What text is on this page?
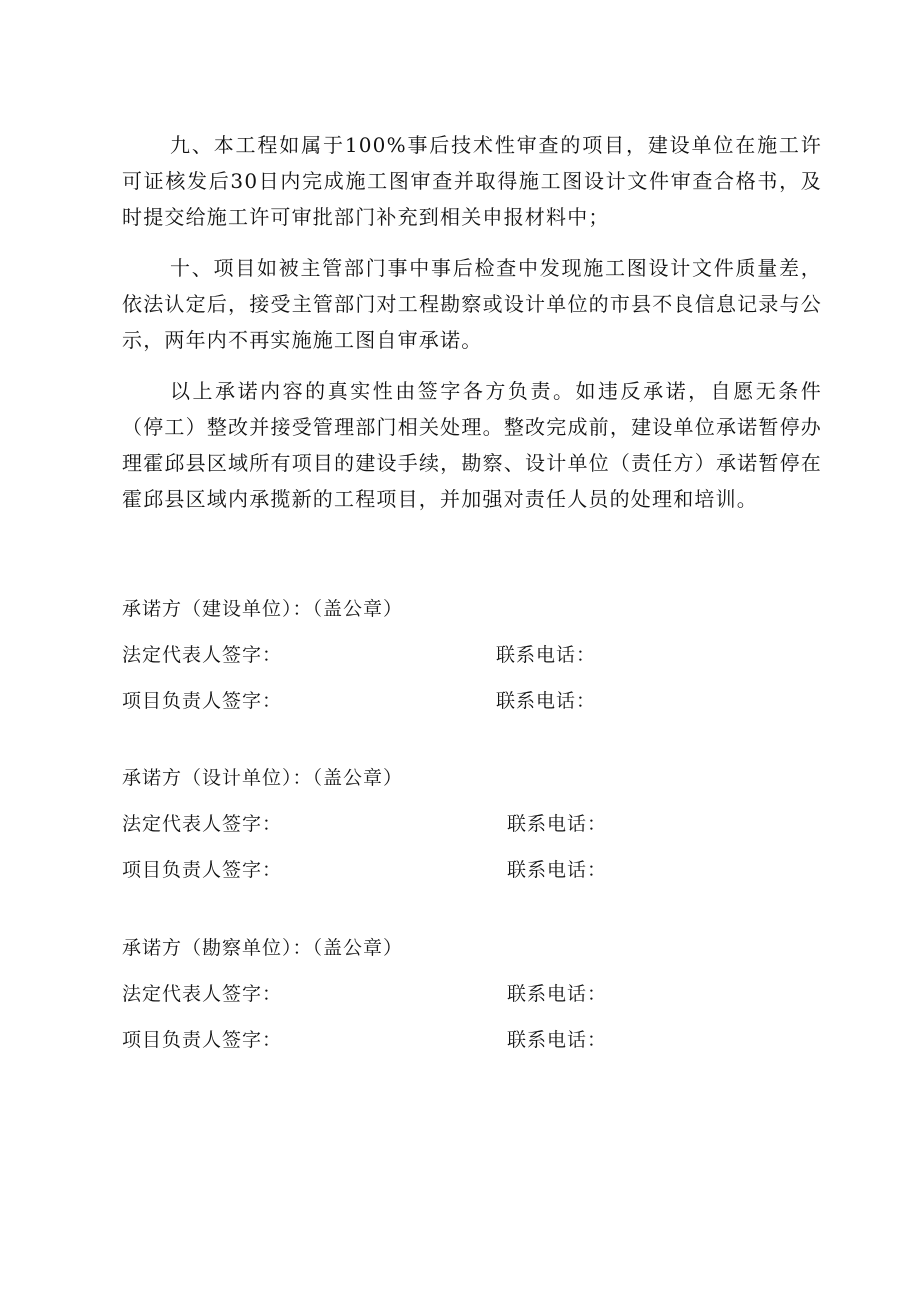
九、本工程如属于100%事后技术性审查的项目，建设单位在施工许可证核发后30日内完成施工图审查并取得施工图设计文件审查合格书，及时提交给施工许可审批部门补充到相关申报材料中；

十、项目如被主管部门事中事后检查中发现施工图设计文件质量差，依法认定后，接受主管部门对工程勘察或设计单位的市县不良信息记录与公示，两年内不再实施施工图自审承诺。

以上承诺内容的真实性由签字各方负责。如违反承诺，自愿无条件（停工）整改并接受管理部门相关处理。整改完成前，建设单位承诺暂停办理霍邱县区域所有项目的建设手续，勘察、设计单位（责任方）承诺暂停在霍邱县区域内承揽新的工程项目，并加强对责任人员的处理和培训。

承诺方（建设单位）：（盖公章）
法定代表人签字：	联系电话：
项目负责人签字：	联系电话：
承诺方（设计单位）：（盖公章）
法定代表人签字：	联系电话：
项目负责人签字：	联系电话：
承诺方（勘察单位）：（盖公章）
法定代表人签字：	联系电话：
项目负责人签字：	联系电话：
